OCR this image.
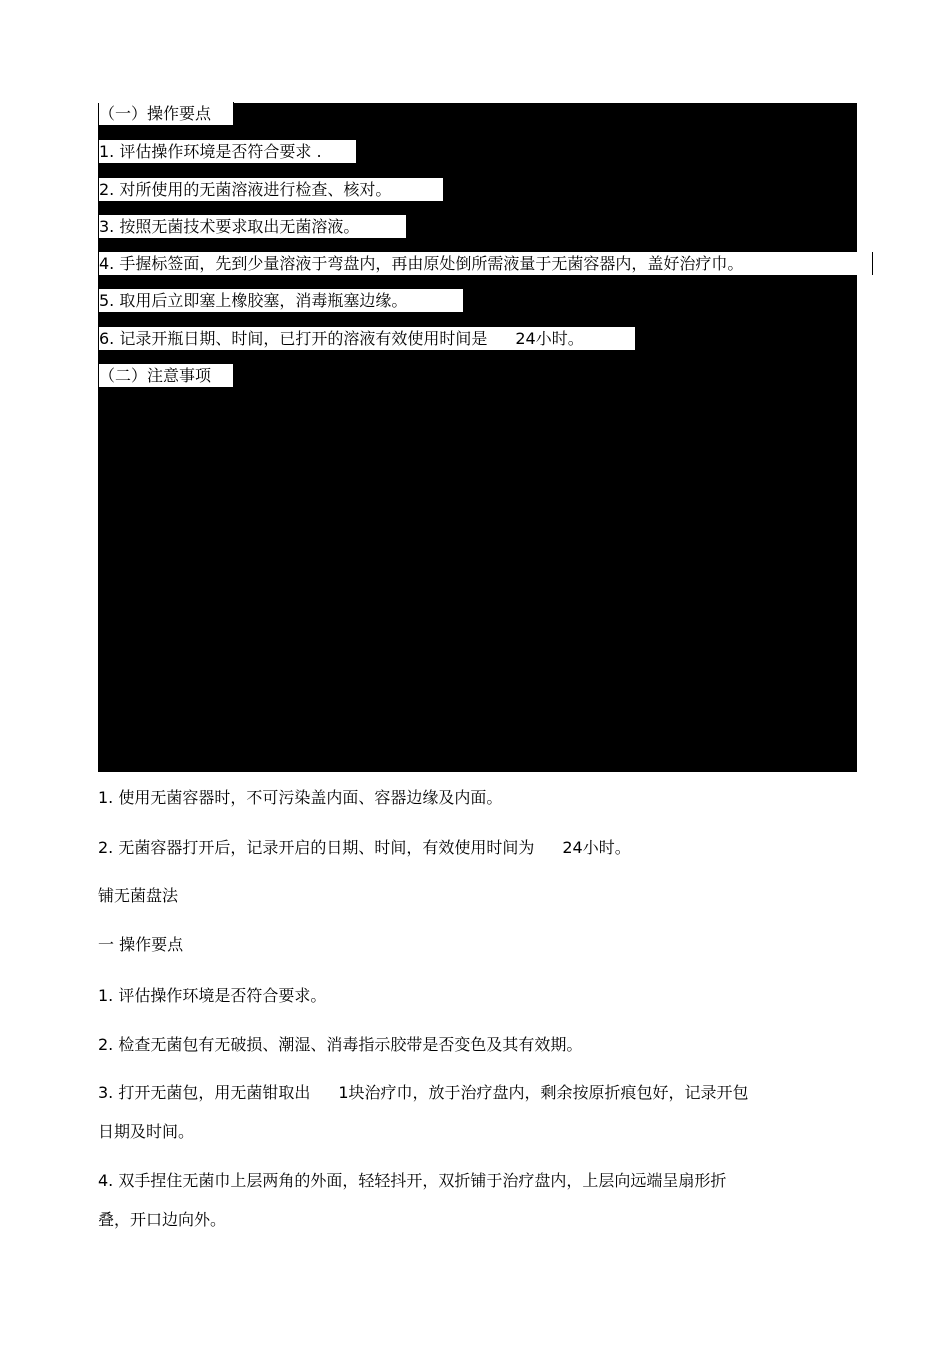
（一）操作要点
1. 评估操作环境是否符合要求 .
2. 对所使用的无菌溶液进行检查、核对。
3. 按照无菌技术要求取出无菌溶液。
4. 手握标签面，先到少量溶液于弯盘内，再由原处倒所需液量于无菌容器内，盖好治疗巾。
5. 取用后立即塞上橡胶塞，消毒瓶塞边缘。
6. 记录开瓶日期、时间，已打开的溶液有效使用时间是 24小时。
（二）注意事项
1. 使用无菌容器时，不可污染盖内面、容器边缘及内面。
2. 无菌容器打开后，记录开启的日期、时间，有效使用时间为 24小时。
铺无菌盘法
一 操作要点
1. 评估操作环境是否符合要求。
2. 检查无菌包有无破损、潮湿、消毒指示胶带是否变色及其有效期。
3. 打开无菌包，用无菌钳取出 1块治疗巾，放于治疗盘内，剩余按原折痕包好，记录开包
日期及时间。
4. 双手捏住无菌巾上层两角的外面，轻轻抖开，双折铺于治疗盘内，上层向远端呈扇形折
叠，开口边向外。
